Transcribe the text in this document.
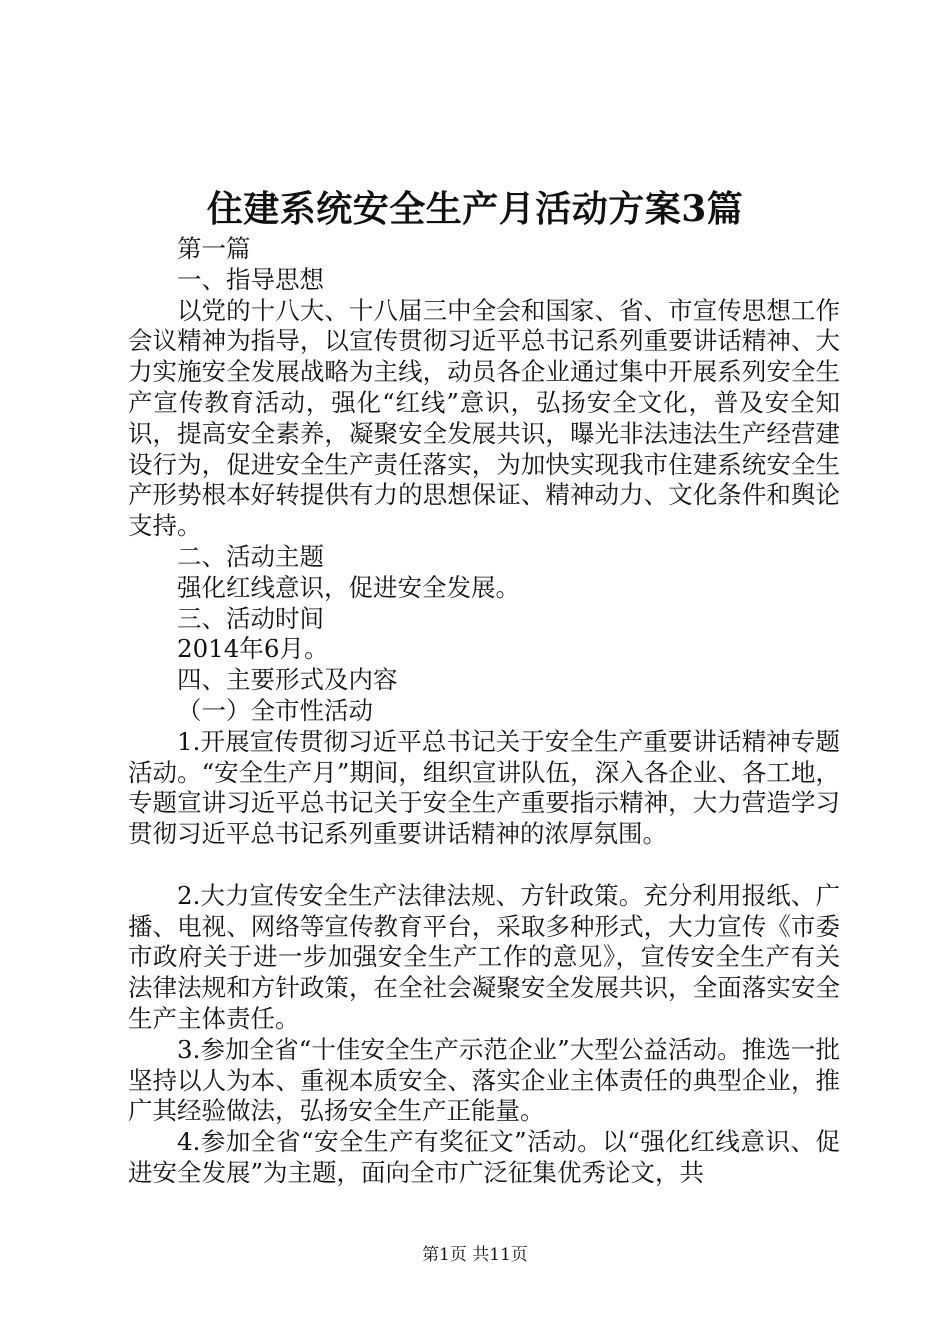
住建系统安全生产月活动方案3篇

第一篇

一、指导思想

以党的十八大、十八届三中全会和国家、省、市宣传思想工作会议精神为指导，以宣传贯彻习近平总书记系列重要讲话精神、大力实施安全发展战略为主线，动员各企业通过集中开展系列安全生产宣传教育活动，强化“红线”意识，弘扬安全文化，普及安全知识，提高安全素养，凝聚安全发展共识，曝光非法违法生产经营建设行为，促进安全生产责任落实，为加快实现我市住建系统安全生产形势根本好转提供有力的思想保证、精神动力、文化条件和舆论支持。

二、活动主题

强化红线意识，促进安全发展。

三、活动时间

2014年6月。

四、主要形式及内容

（一）全市性活动

1.开展宣传贯彻习近平总书记关于安全生产重要讲话精神专题活动。“安全生产月”期间，组织宣讲队伍，深入各企业、各工地，专题宣讲习近平总书记关于安全生产重要指示精神，大力营造学习贯彻习近平总书记系列重要讲话精神的浓厚氛围。

2.大力宣传安全生产法律法规、方针政策。充分利用报纸、广播、电视、网络等宣传教育平台，采取多种形式，大力宣传《市委市政府关于进一步加强安全生产工作的意见》，宣传安全生产有关法律法规和方针政策，在全社会凝聚安全发展共识，全面落实安全生产主体责任。

3.参加全省“十佳安全生产示范企业”大型公益活动。推选一批坚持以人为本、重视本质安全、落实企业主体责任的典型企业，推广其经验做法，弘扬安全生产正能量。

4.参加全省“安全生产有奖征文”活动。以“强化红线意识、促进安全发展”为主题，面向全市广泛征集优秀论文，共

第1页 共11页
